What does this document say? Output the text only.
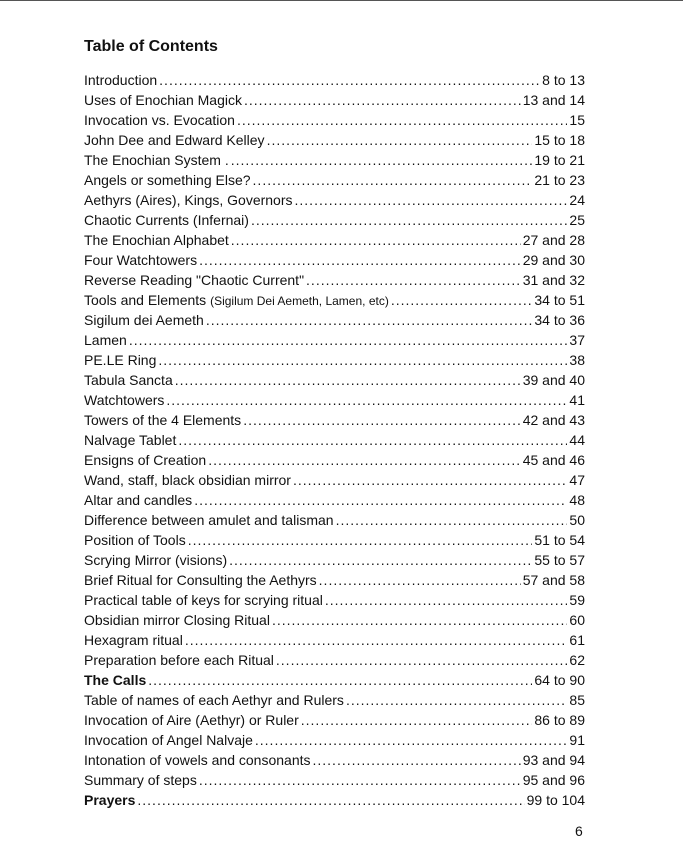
Table of Contents
Introduction .....	8 to 13
Uses of Enochian Magick .....	13 and 14
Invocation vs. Evocation .....	15
John Dee and Edward Kelley .....	15 to 18
The Enochian System . .....	19 to 21
Angels or something Else? .....	21 to 23
Aethyrs (Aires), Kings, Governors .....	24
Chaotic Currents (Infernai) .....	25
The Enochian Alphabet .....	27 and 28
Four Watchtowers .....	29 and 30
Reverse Reading "Chaotic Current" .....	31 and 32
Tools and Elements (Sigilum Dei Aemeth, Lamen, etc) .....	34 to 51
Sigilum dei Aemeth .....	34 to 36
Lamen .....	37
PE.LE Ring .....	38
Tabula Sancta .....	39 and 40
Watchtowers .....	41
Towers of the 4 Elements .....	42 and 43
Nalvage Tablet .....	44
Ensigns of Creation .....	45 and 46
Wand, staff, black obsidian mirror .....	47
Altar and candles .....	48
Difference between amulet and talisman .....	50
Position of Tools .....	51 to 54
Scrying Mirror (visions) .....	55 to 57
Brief Ritual for Consulting the Aethyrs .....	57 and 58
Practical table of keys for scrying ritual .....	59
Obsidian mirror Closing Ritual .....	60
Hexagram ritual .....	61
Preparation before each Ritual .....	62
The Calls .....	64 to 90
Table of names of each Aethyr and Rulers .....	85
Invocation of Aire (Aethyr) or Ruler .....	86 to 89
Invocation of Angel Nalvaje .....	91
Intonation of vowels and consonants .....	93 and 94
Summary of steps .....	95 and 96
Prayers .....	99 to 104
6
